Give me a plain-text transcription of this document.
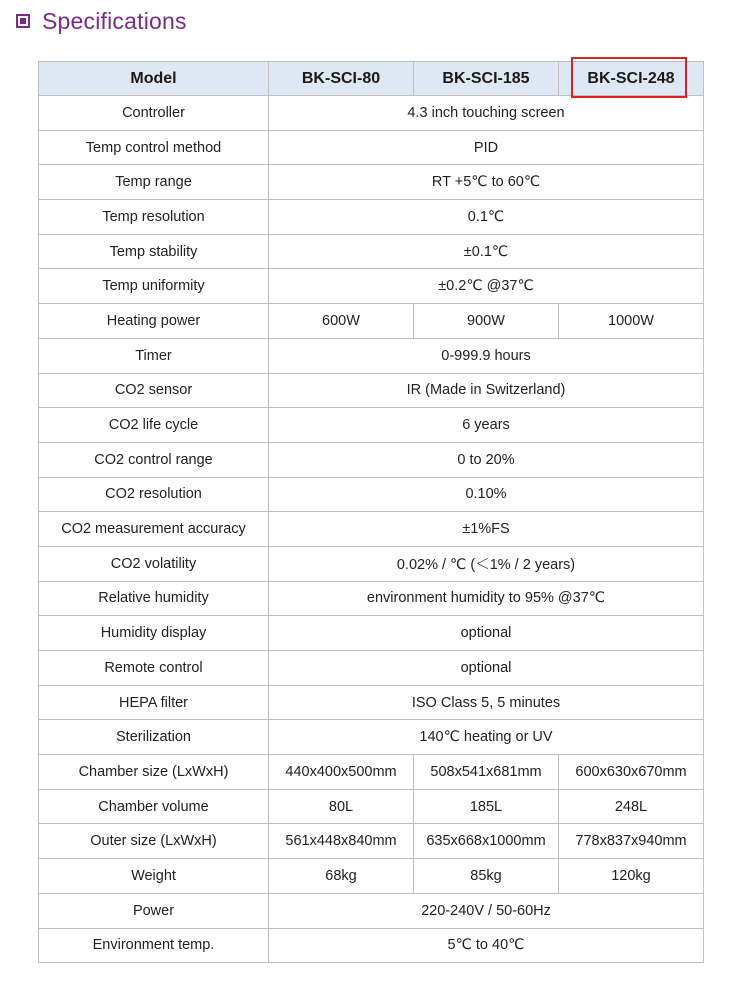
Specifications
Model	BK-SCI-80	BK-SCI-185	BK-SCI-248
Controller	4.3 inch touching screen		
Temp control method	PID		
Temp range	RT +5℃ to 60℃		
Temp resolution	0.1℃		
Temp stability	±0.1℃		
Temp uniformity	±0.2℃ @37℃		
Heating power	600W	900W	1000W
Timer	0-999.9 hours		
CO2 sensor	IR (Made in Switzerland)		
CO2 life cycle	6 years		
CO2 control range	0 to 20%		
CO2 resolution	0.10%		
CO2 measurement accuracy	±1%FS		
CO2 volatility	0.02% / ℃ (＜1% / 2 years)		
Relative humidity	environment humidity to 95% @37℃		
Humidity display	optional		
Remote control	optional		
HEPA filter	ISO Class 5, 5 minutes		
Sterilization	140℃ heating or UV		
Chamber size (LxWxH)	440x400x500mm	508x541x681mm	600x630x670mm
Chamber volume	80L	185L	248L
Outer size (LxWxH)	561x448x840mm	635x668x1000mm	778x837x940mm
Weight	68kg	85kg	120kg
Power	220-240V / 50-60Hz		
Environment temp.	5℃ to 40℃		
